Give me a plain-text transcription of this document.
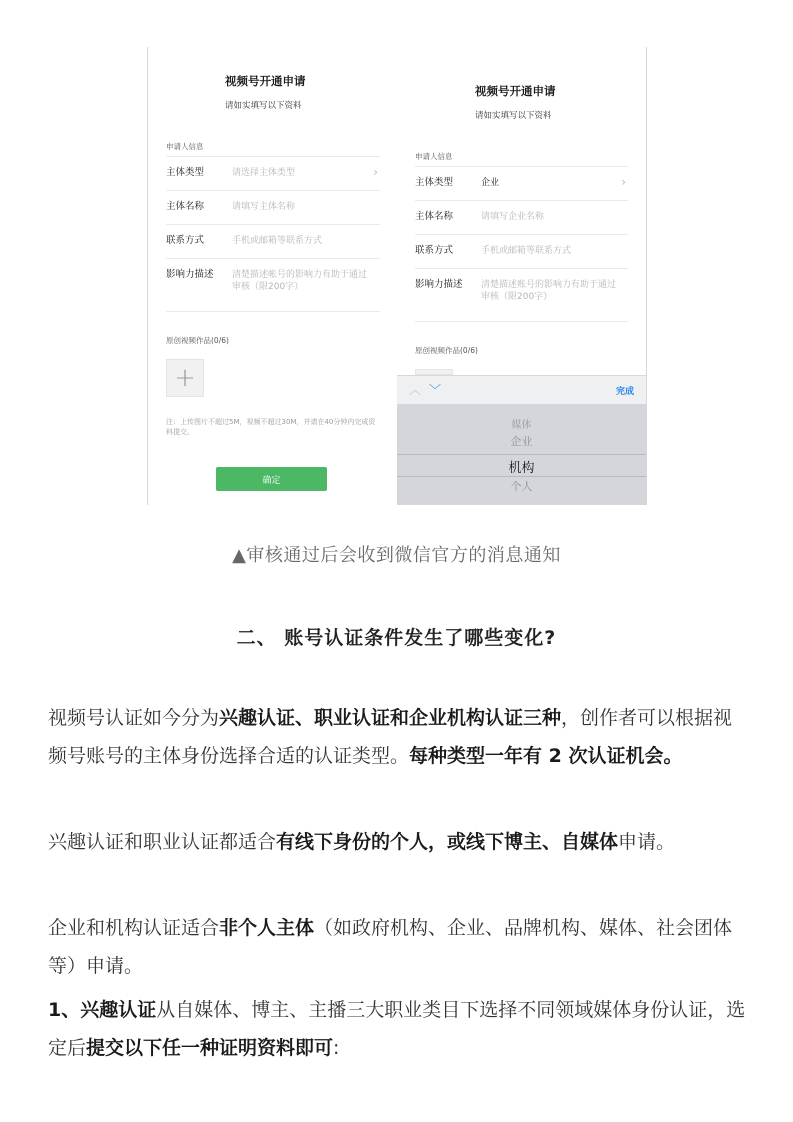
视频号开通申请
请如实填写以下资料
申请人信息
主体类型	请选择主体类型	›
主体名称	请填写主体名称
联系方式	手机或邮箱等联系方式
影响力描述 清楚描述帐号的影响力有助于通过审核（限200字）
原创视频作品(0/6)
+
注：上传图片不超过5M，视频不超过30M，并请在40分钟内完成资料提交。
确定
视频号开通申请
请如实填写以下资料
申请人信息
主体类型	企业	›
主体名称	请填写企业名称
联系方式	手机或邮箱等联系方式
影响力描述 清楚描述账号的影响力有助于通过审核（限200字）
原创视频作品(0/6)
︿ ﹀	完成
媒体
企业
机构
个人
▲审核通过后会收到微信官方的消息通知
二、 账号认证条件发生了哪些变化?

视频号认证如今分为兴趣认证、职业认证和企业机构认证三种，创作者可以根据视频号账号的主体身份选择合适的认证类型。每种类型一年有 2 次认证机会。

兴趣认证和职业认证都适合有线下身份的个人，或线下博主、自媒体申请。

企业和机构认证适合非个人主体（如政府机构、企业、品牌机构、媒体、社会团体等）申请。

1、兴趣认证从自媒体、博主、主播三大职业类目下选择不同领域媒体身份认证，选定后提交以下任一种证明资料即可:
